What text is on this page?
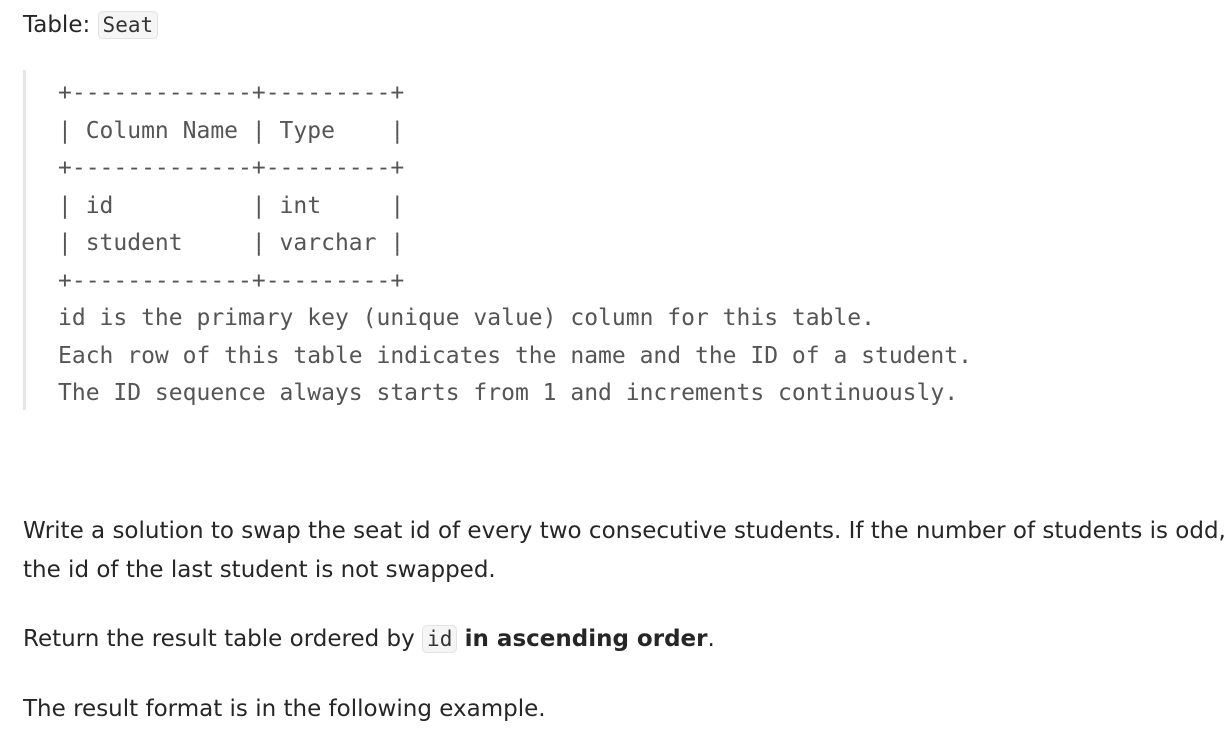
Table: Seat
+-------------+---------+
| Column Name | Type    |
+-------------+---------+
| id          | int     |
| student     | varchar |
+-------------+---------+
id is the primary key (unique value) column for this table.
Each row of this table indicates the name and the ID of a student.
The ID sequence always starts from 1 and increments continuously.

Write a solution to swap the seat id of every two consecutive students. If the number of students is odd,
the id of the last student is not swapped.

Return the result table ordered by id in ascending order.

The result format is in the following example.
